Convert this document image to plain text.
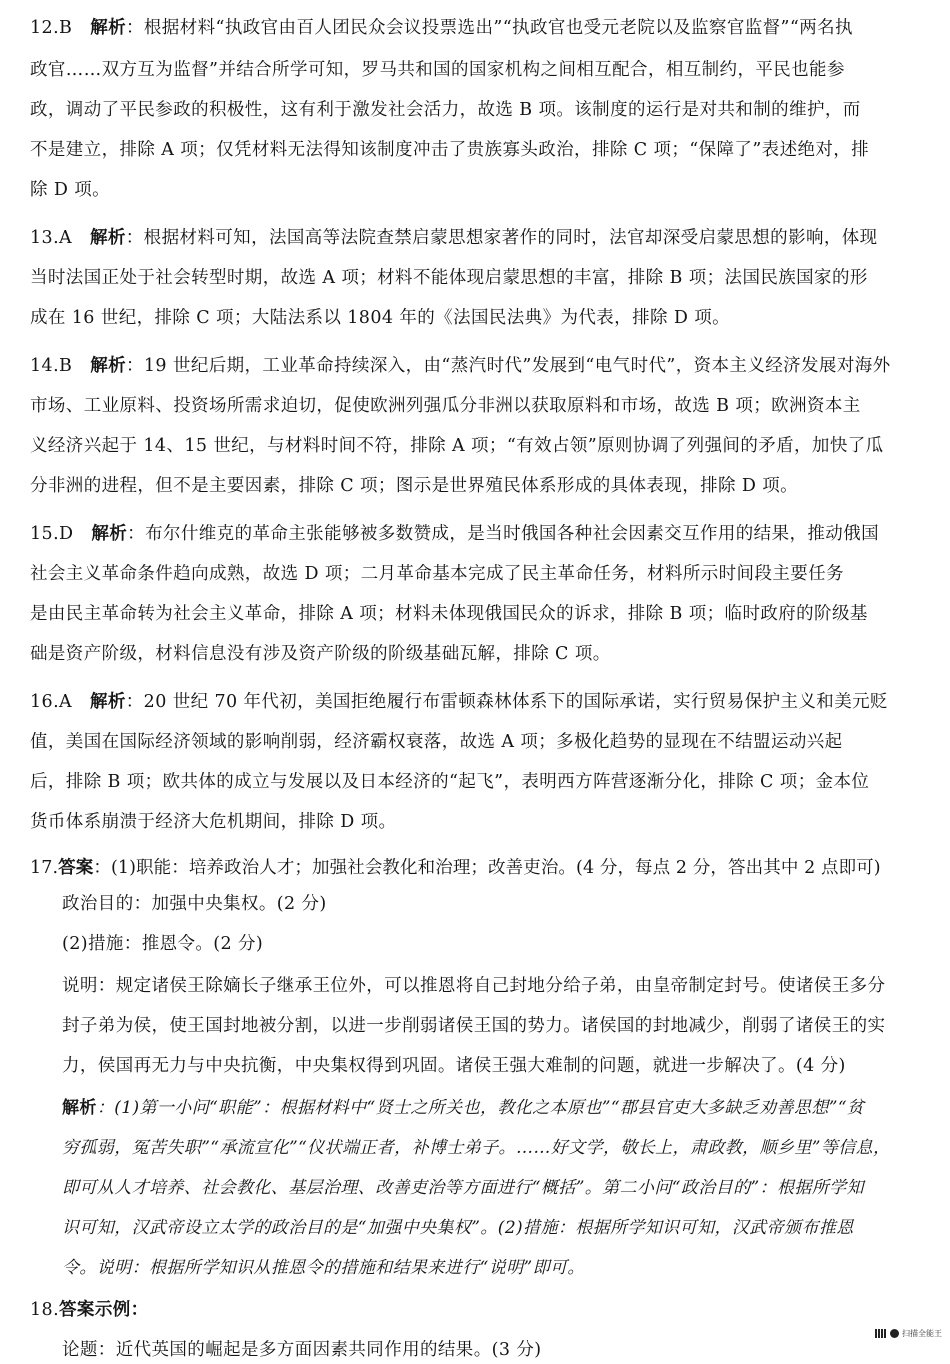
12.B 解析：根据材料“执政官由百人团民众会议投票选出”“执政官也受元老院以及监察官监督”“两名执
政官……双方互为监督”并结合所学可知，罗马共和国的国家机构之间相互配合，相互制约，平民也能参
政，调动了平民参政的积极性，这有利于激发社会活力，故选 B 项。该制度的运行是对共和制的维护，而
不是建立，排除 A 项；仅凭材料无法得知该制度冲击了贵族寡头政治，排除 C 项；“保障了”表述绝对，排
除 D 项。
13.A 解析：根据材料可知，法国高等法院查禁启蒙思想家著作的同时，法官却深受启蒙思想的影响，体现
当时法国正处于社会转型时期，故选 A 项；材料不能体现启蒙思想的丰富，排除 B 项；法国民族国家的形
成在 16 世纪，排除 C 项；大陆法系以 1804 年的《法国民法典》为代表，排除 D 项。
14.B 解析：19 世纪后期，工业革命持续深入，由“蒸汽时代”发展到“电气时代”，资本主义经济发展对海外
市场、工业原料、投资场所需求迫切，促使欧洲列强瓜分非洲以获取原料和市场，故选 B 项；欧洲资本主
义经济兴起于 14、15 世纪，与材料时间不符，排除 A 项；“有效占领”原则协调了列强间的矛盾，加快了瓜
分非洲的进程，但不是主要因素，排除 C 项；图示是世界殖民体系形成的具体表现，排除 D 项。
15.D 解析：布尔什维克的革命主张能够被多数赞成，是当时俄国各种社会因素交互作用的结果，推动俄国
社会主义革命条件趋向成熟，故选 D 项；二月革命基本完成了民主革命任务，材料所示时间段主要任务
是由民主革命转为社会主义革命，排除 A 项；材料未体现俄国民众的诉求，排除 B 项；临时政府的阶级基
础是资产阶级，材料信息没有涉及资产阶级的阶级基础瓦解，排除 C 项。
16.A 解析：20 世纪 70 年代初，美国拒绝履行布雷顿森林体系下的国际承诺，实行贸易保护主义和美元贬
值，美国在国际经济领域的影响削弱，经济霸权衰落，故选 A 项；多极化趋势的显现在不结盟运动兴起
后，排除 B 项；欧共体的成立与发展以及日本经济的“起飞”，表明西方阵营逐渐分化，排除 C 项；金本位
货币体系崩溃于经济大危机期间，排除 D 项。
17.答案：(1)职能：培养政治人才；加强社会教化和治理；改善吏治。(4 分，每点 2 分，答出其中 2 点即可)
政治目的：加强中央集权。(2 分)
(2)措施：推恩令。(2 分)
说明：规定诸侯王除嫡长子继承王位外，可以推恩将自己封地分给子弟，由皇帝制定封号。使诸侯王多分
封子弟为侯，使王国封地被分割，以进一步削弱诸侯王国的势力。诸侯国的封地减少，削弱了诸侯王的实
力，侯国再无力与中央抗衡，中央集权得到巩固。诸侯王强大难制的问题，就进一步解决了。(4 分)
解析：(1)第一小问“职能”：根据材料中“贤士之所关也，教化之本原也”“郡县官吏大多缺乏劝善思想”“贫
穷孤弱，冤苦失职”“承流宣化”“仪状端正者，补博士弟子。……好文学，敬长上，肃政教，顺乡里”等信息，
即可从人才培养、社会教化、基层治理、改善吏治等方面进行“概括”。第二小问“政治目的”：根据所学知
识可知，汉武帝设立太学的政治目的是“加强中央集权”。(2)措施：根据所学知识可知，汉武帝颁布推恩
令。说明：根据所学知识从推恩令的措施和结果来进行“说明”即可。
18.答案示例：
论题：近代英国的崛起是多方面因素共同作用的结果。(3 分)
扫描全能王
